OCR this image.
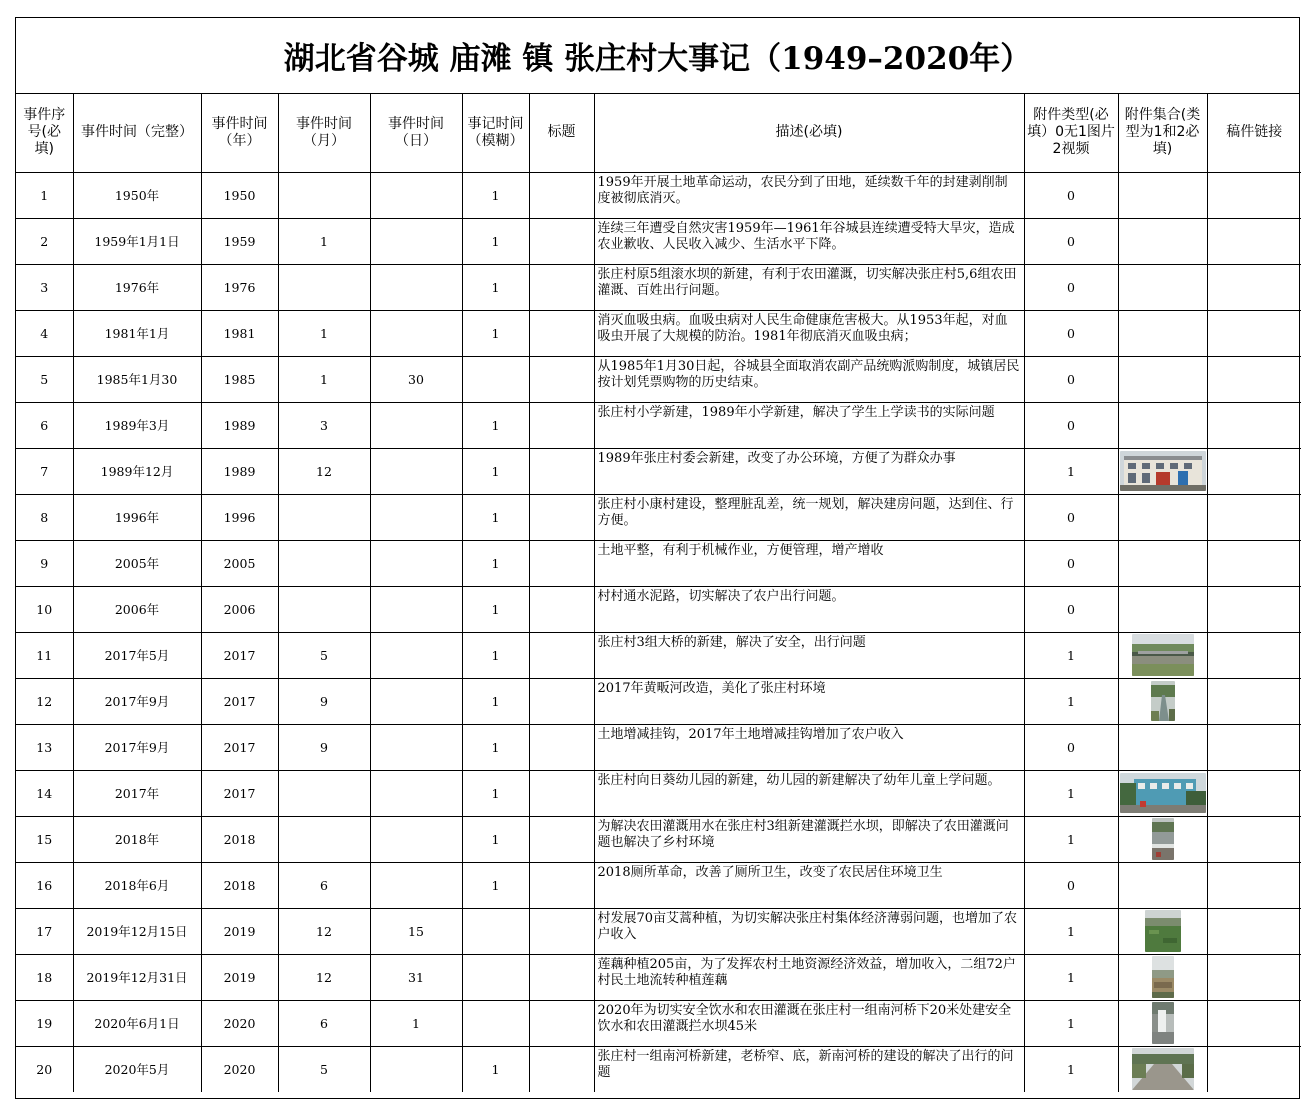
湖北省谷城 庙滩 镇 张庄村大事记（1949–2020年）
事件序号(必填)	事件时间（完整）	事件时间（年）	事件时间（月）	事件时间（日）	事记时间（模糊）	标题	描述(必填)	附件类型(必填）0无1图片2视频	附件集合(类型为1和2必填)	稿件链接
1	1950年	1950			1		1959年开展土地革命运动，农民分到了田地，延续数千年的封建剥削制度被彻底消灭。	0		
2	1959年1月1日	1959	1		1		连续三年遭受自然灾害1959年—1961年谷城县连续遭受特大旱灾，造成农业歉收、人民收入减少、生活水平下降。	0		
3	1976年	1976			1		张庄村原5组滚水坝的新建，有利于农田灌溉，切实解决张庄村5,6组农田灌溉、百姓出行问题。	0		
4	1981年1月	1981	1		1		消灭血吸虫病。血吸虫病对人民生命健康危害极大。从1953年起，对血吸虫开展了大规模的防治。1981年彻底消灭血吸虫病；	0		
5	1985年1月30	1985	1	30			从1985年1月30日起，谷城县全面取消农副产品统购派购制度，城镇居民按计划凭票购物的历史结束。	0		
6	1989年3月	1989	3		1		张庄村小学新建，1989年小学新建，解决了学生上学读书的实际问题	0		
7	1989年12月	1989	12		1		1989年张庄村委会新建，改变了办公环境，方便了为群众办事	1	

8	1996年	1996			1		张庄村小康村建设，整理脏乱差，统一规划，解决建房问题，达到住、行方便。	0		
9	2005年	2005			1		土地平整，有利于机械作业，方便管理，增产增收	0		
10	2006年	2006			1		村村通水泥路，切实解决了农户出行问题。	0		
11	2017年5月	2017	5		1		张庄村3组大桥的新建，解决了安全，出行问题	1	

12	2017年9月	2017	9		1		2017年黄畈河改造，美化了张庄村环境	1	

13	2017年9月	2017	9		1		土地增减挂钩，2017年土地增减挂钩增加了农户收入	0		
14	2017年	2017			1		张庄村向日葵幼儿园的新建，幼儿园的新建解决了幼年儿童上学问题。	1	

15	2018年	2018			1		为解决农田灌溉用水在张庄村3组新建灌溉拦水坝，即解决了农田灌溉问题也解决了乡村环境	1	

16	2018年6月	2018	6		1		2018厕所革命，改善了厕所卫生，改变了农民居住环境卫生	0		
17	2019年12月15日	2019	12	15			村发展70亩艾蒿种植，为切实解决张庄村集体经济薄弱问题，也增加了农户收入	1	

18	2019年12月31日	2019	12	31			莲藕种植205亩，为了发挥农村土地资源经济效益，增加收入，二组72户村民土地流转种植莲藕	1	

19	2020年6月1日	2020	6	1			2020年为切实安全饮水和农田灌溉在张庄村一组南河桥下20米处建安全饮水和农田灌溉拦水坝45米	1	

20	2020年5月	2020	5		1		张庄村一组南河桥新建，老桥窄、底，新南河桥的建设的解决了出行的问题	1	
